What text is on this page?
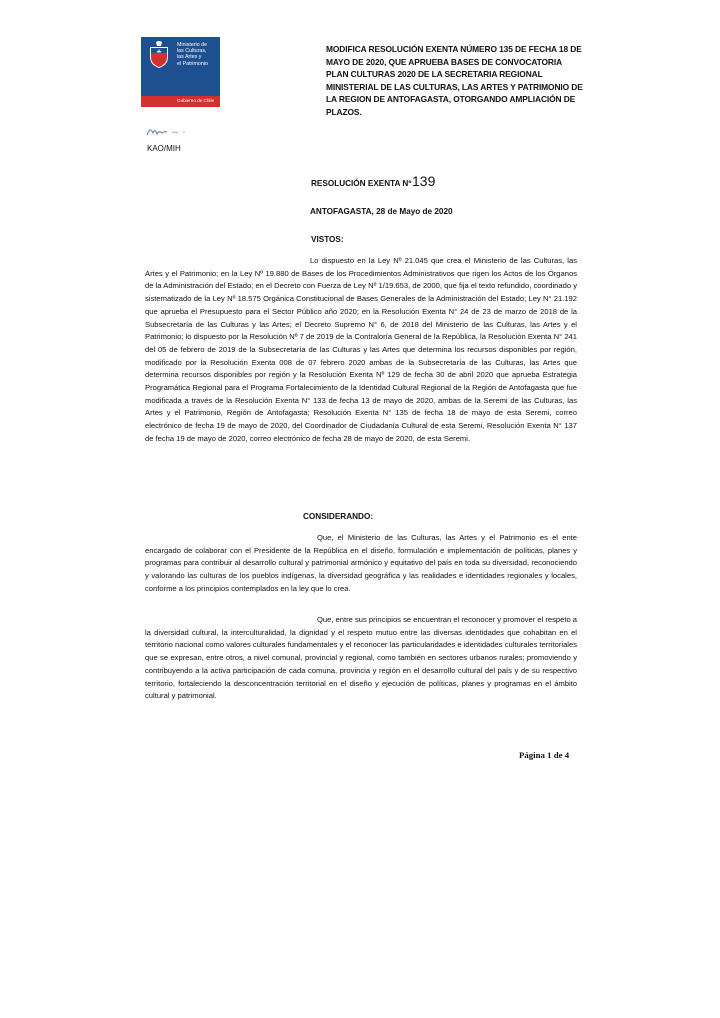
Ministerio de
las Culturas,
las Artes y
el Patrimonio
Gobierno de Chile
MODIFICA RESOLUCIÓN EXENTA NÚMERO 135 DE FECHA 18 DE MAYO DE 2020, QUE APRUEBA BASES DE CONVOCATORIA PLAN CULTURAS 2020 DE LA SECRETARIA REGIONAL MINISTERIAL DE LAS CULTURAS, LAS ARTES Y PATRIMONIO DE LA REGION DE ANTOFAGASTA, OTORGANDO AMPLIACIÓN DE PLAZOS.
KAO/MIH
RESOLUCIÓN EXENTA Nº 139
ANTOFAGASTA, 28 de Mayo de 2020
VISTOS:

Lo dispuesto en la Ley Nº 21.045 que crea el Ministerio de las Culturas, las Artes y el Patrimonio; en la Ley Nº 19.880 de Bases de los Procedimientos Administrativos que rigen los Actos de los Órganos de la Administración del Estado; en el Decreto con Fuerza de Ley Nº 1/19.653, de 2000, que fija el texto refundido, coordinado y sistematizado de la Ley Nº 18.575 Orgánica Constitucional de Bases Generales de la Administración del Estado; Ley N° 21.192 que aprueba el Presupuesto para el Sector Público año 2020; en la Resolución Exenta N° 24 de 23 de marzo de 2018 de la Subsecretaría de las Culturas y las Artes; el Decreto Supremo N° 6, de 2018 del Ministerio de las Culturas, las Artes y el Patrimonio; lo dispuesto por la Resolución Nº 7 de 2019 de la Contraloría General de la República, la Resolución Exenta N° 241 del 05 de febrero de 2019 de la Subsecretaría de las Culturas y las Artes que determina los recursos disponibles por región, modificado por la Resolución Exenta 008 de 07 febrero 2020 ambas de la Subsecretaría de las Culturas, las Artes que determina recursos disponibles por región y la Resolución Exenta Nº 129 de fecha 30 de abril 2020 que aprueba Estrategia Programática Regional para el Programa Fortalecimiento de la Identidad Cultural Regional de la Región de Antofagasta que fue modificada a través de la Resolución Exenta N° 133 de fecha 13 de mayo de 2020, ambas de la Seremi de las Culturas, las Artes y el Patrimonio, Región de Antofagasta; Resolución Exenta N° 135 de fecha 18 de mayo de esta Seremi, correo electrónico de fecha 19 de mayo de 2020, del Coordinador de Ciudadanía Cultural de esta Seremi, Resolución Exenta N° 137 de fecha 19 de mayo de 2020, correo electrónico de fecha 28 de mayo de 2020, de esta Seremi.

CONSIDERANDO:

Que, el Ministerio de las Culturas, las Artes y el Patrimonio es el ente encargado de colaborar con el Presidente de la República en el diseño, formulación e implementación de políticas, planes y programas para contribuir al desarrollo cultural y patrimonial armónico y equitativo del país en toda su diversidad, reconociendo y valorando las culturas de los pueblos indígenas, la diversidad geográfica y las realidades e identidades regionales y locales, conforme a los principios contemplados en la ley que lo crea.

Que, entre sus principios se encuentran el reconocer y promover el respeto a la diversidad cultural, la interculturalidad, la dignidad y el respeto mutuo entre las diversas identidades que cohabitan en el territorio nacional como valores culturales fundamentales y el reconocer las particularidades e identidades culturales territoriales que se expresan, entre otros, a nivel comunal, provincial y regional, como también en sectores urbanos rurales; promoviendo y contribuyendo a la activa participación de cada comuna, provincia y región en el desarrollo cultural del país y de su respectivo territorio, fortaleciendo la desconcentración territorial en el diseño y ejecución de políticas, planes y programas en el ámbito cultural y patrimonial.

Página 1 de 4
